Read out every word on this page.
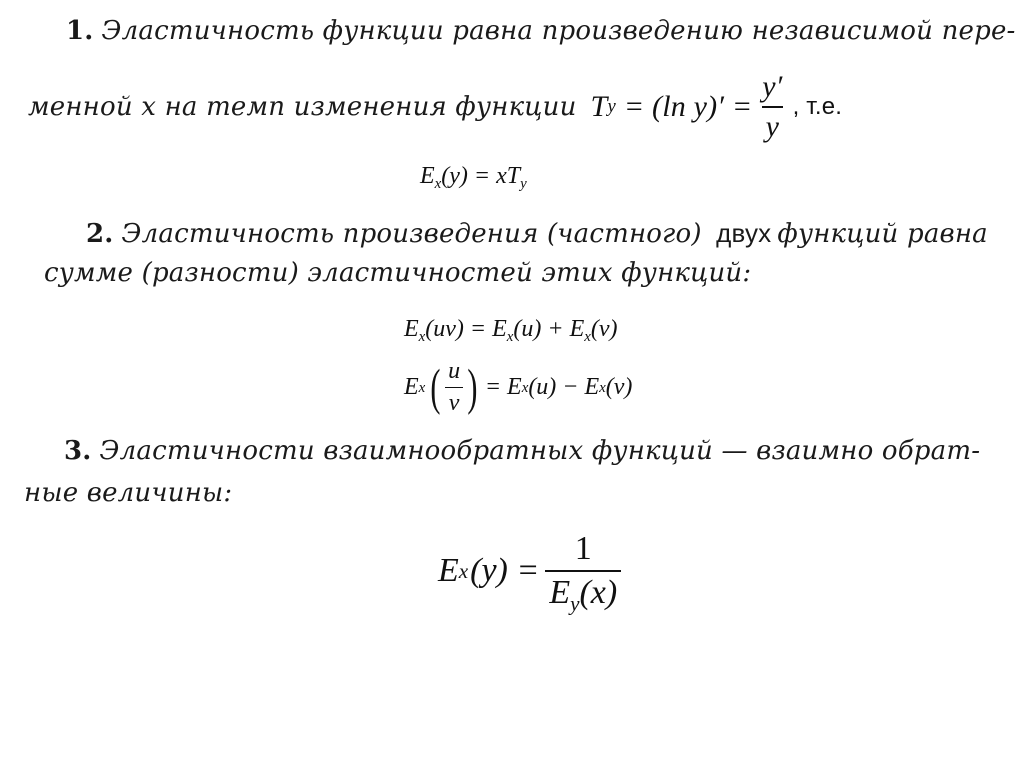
1. Эластичность функции равна произведению независимой пере-
менной х на темп изменения функции T y = (ln $y)' = \frac{y'}{y}$ , т.е.
$E_x(y) = xT_y$
2. Эластичность произведения (частного) двух функций равна
сумме (разности) эластичностей этих функций:
$E_x(uv) = E_x(u) + E_x(v)$
E x ( $\frac{u}{v}$ ) = E x (u) − E x (v)
3. Эластичности взаимнообратных функций — взаимно обрат-
ные величины:
E x $(y) = \frac{1}{E_y(x)}$
